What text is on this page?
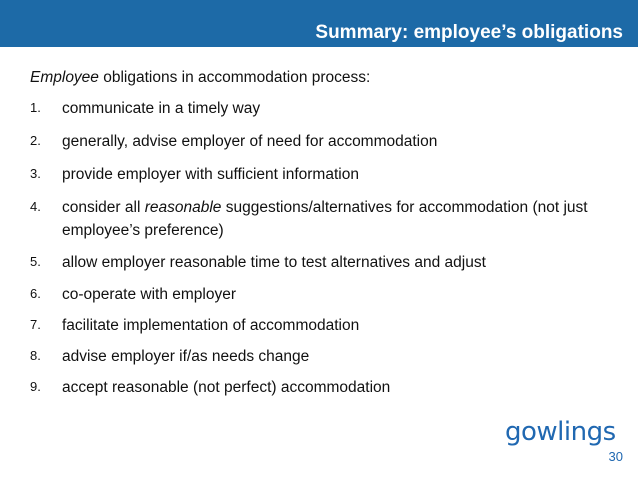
Summary: employee’s obligations
Employee obligations in accommodation process:
1. communicate in a timely way
2. generally, advise employer of need for accommodation
3. provide employer with sufficient information
4. consider all reasonable suggestions/alternatives for accommodation (not just employee’s preference)
5. allow employer reasonable time to test alternatives and adjust
6. co-operate with employer
7. facilitate implementation of accommodation
8. advise employer if/as needs change
9. accept reasonable (not perfect) accommodation
gowlings
30
